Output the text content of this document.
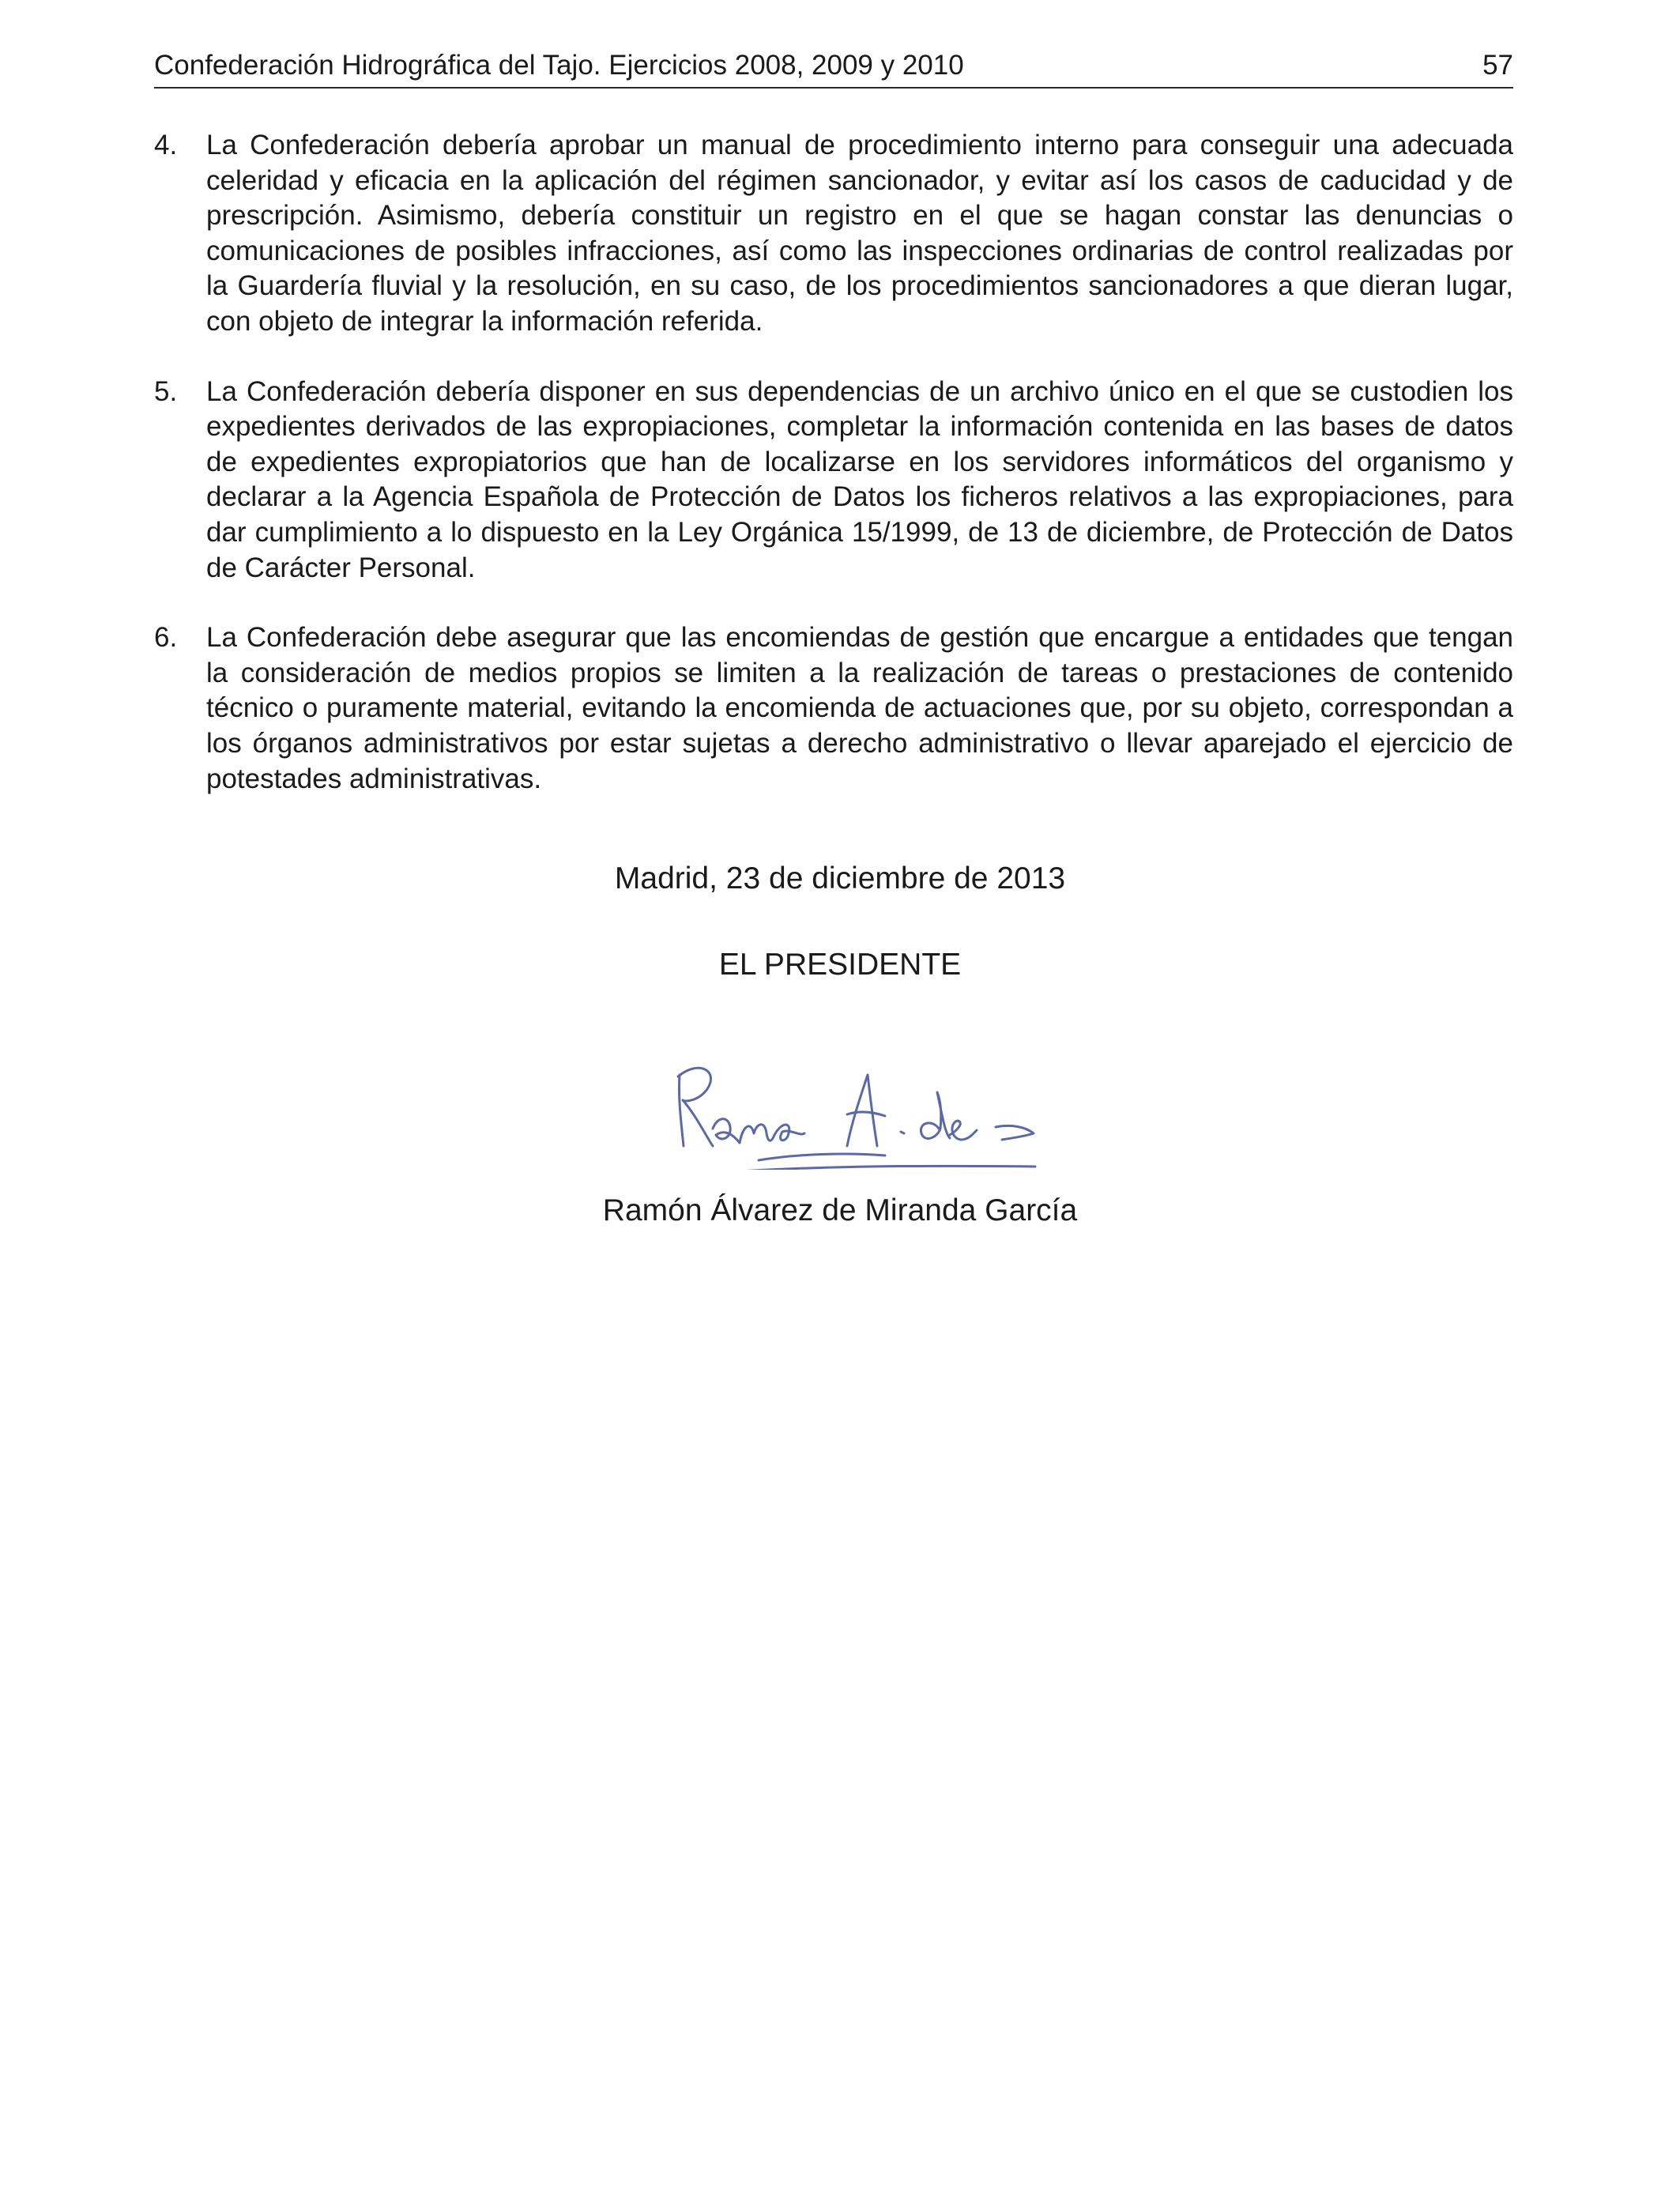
Confederación Hidrográfica del Tajo. Ejercicios 2008, 2009 y 2010	57
4.	La Confederación debería aprobar un manual de procedimiento interno para conseguir una adecuada celeridad y eficacia en la aplicación del régimen sancionador, y evitar así los casos de caducidad y de prescripción. Asimismo, debería constituir un registro en el que se hagan constar las denuncias o comunicaciones de posibles infracciones, así como las inspecciones ordinarias de control realizadas por la Guardería fluvial y la resolución, en su caso, de los procedimientos sancionadores a que dieran lugar, con objeto de integrar la información referida.
5.	La Confederación debería disponer en sus dependencias de un archivo único en el que se custodien los expedientes derivados de las expropiaciones, completar la información contenida en las bases de datos de expedientes expropiatorios que han de localizarse en los servidores informáticos del organismo y declarar a la Agencia Española de Protección de Datos los ficheros relativos a las expropiaciones, para dar cumplimiento a lo dispuesto en la Ley Orgánica 15/1999, de 13 de diciembre, de Protección de Datos de Carácter Personal.
6.	La Confederación debe asegurar que las encomiendas de gestión que encargue a entidades que tengan la consideración de medios propios se limiten a la realización de tareas o prestaciones de contenido técnico o puramente material, evitando la encomienda de actuaciones que, por su objeto, correspondan a los órganos administrativos por estar sujetas a derecho administrativo o llevar aparejado el ejercicio de potestades administrativas.
Madrid, 23 de diciembre de 2013
EL PRESIDENTE
Ramón Álvarez de Miranda García
